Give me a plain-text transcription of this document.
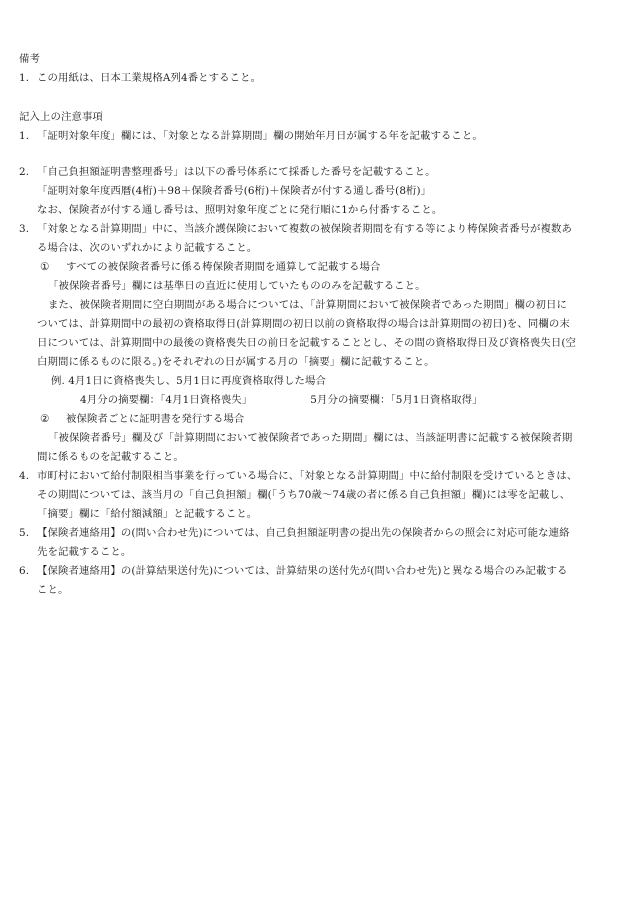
備考
1. この用紙は、日本工業規格A列4番とすること。
記入上の注意事項
1. 「証明対象年度」欄には、「対象となる計算期間」欄の開始年月日が属する年を記載すること。
2. 「自己負担額証明書整理番号」は以下の番号体系にて採番した番号を記載すること。
「証明対象年度西暦(4桁)＋98＋保険者番号(6桁)＋保険者が付する通し番号(8桁)」
なお、保険者が付する通し番号は、照明対象年度ごとに発行順に1から付番すること。
3. 「対象となる計算期間」中に、当該介護保険において複数の被保険者期間を有する等により梼保険者番号が複数あ
る場合は、次のいずれかにより記載すること。
① すべての被保険者番号に係る梼保険者期間を通算して記載する場合
「被保険者番号」欄には基準日の直近に使用していたもののみを記載すること。
また、被保険者期間に空白期間がある場合については、「計算期間において被保険者であった期間」欄の初日に
ついては、計算期間中の最初の資格取得日(計算期間の初日以前の資格取得の場合は計算期間の初日)を、同欄の末
日については、計算期間中の最後の資格喪失日の前日を記載することとし、その間の資格取得日及び資格喪失日(空
白期間に係るものに限る。)をそれぞれの日が属する月の「摘要」欄に記載すること。
例. 4月1日に資格喪失し、5月1日に再度資格取得した場合
4月分の摘要欄：「4月1日資格喪失」	5月分の摘要欄：「5月1日資格取得」
② 被保険者ごとに証明書を発行する場合
「被保険者番号」欄及び「計算期間において被保険者であった期間」欄には、当該証明書に記載する被保険者期
間に係るものを記載すること。
4. 市町村において給付制限相当事業を行っている場合に、「対象となる計算期間」中に給付制限を受けているときは、
その期間については、該当月の「自己負担額」欄(「うち70歳～74歳の者に係る自己負担額」欄)には零を記載し、
「摘要」欄に「給付額減額」と記載すること。
5. 【保険者連絡用】の(問い合わせ先)については、自己負担額証明書の提出先の保険者からの照会に対応可能な連絡
先を記載すること。
6. 【保険者連絡用】の(計算結果送付先)については、計算結果の送付先が(問い合わせ先)と異なる場合のみ記載する
こと。
